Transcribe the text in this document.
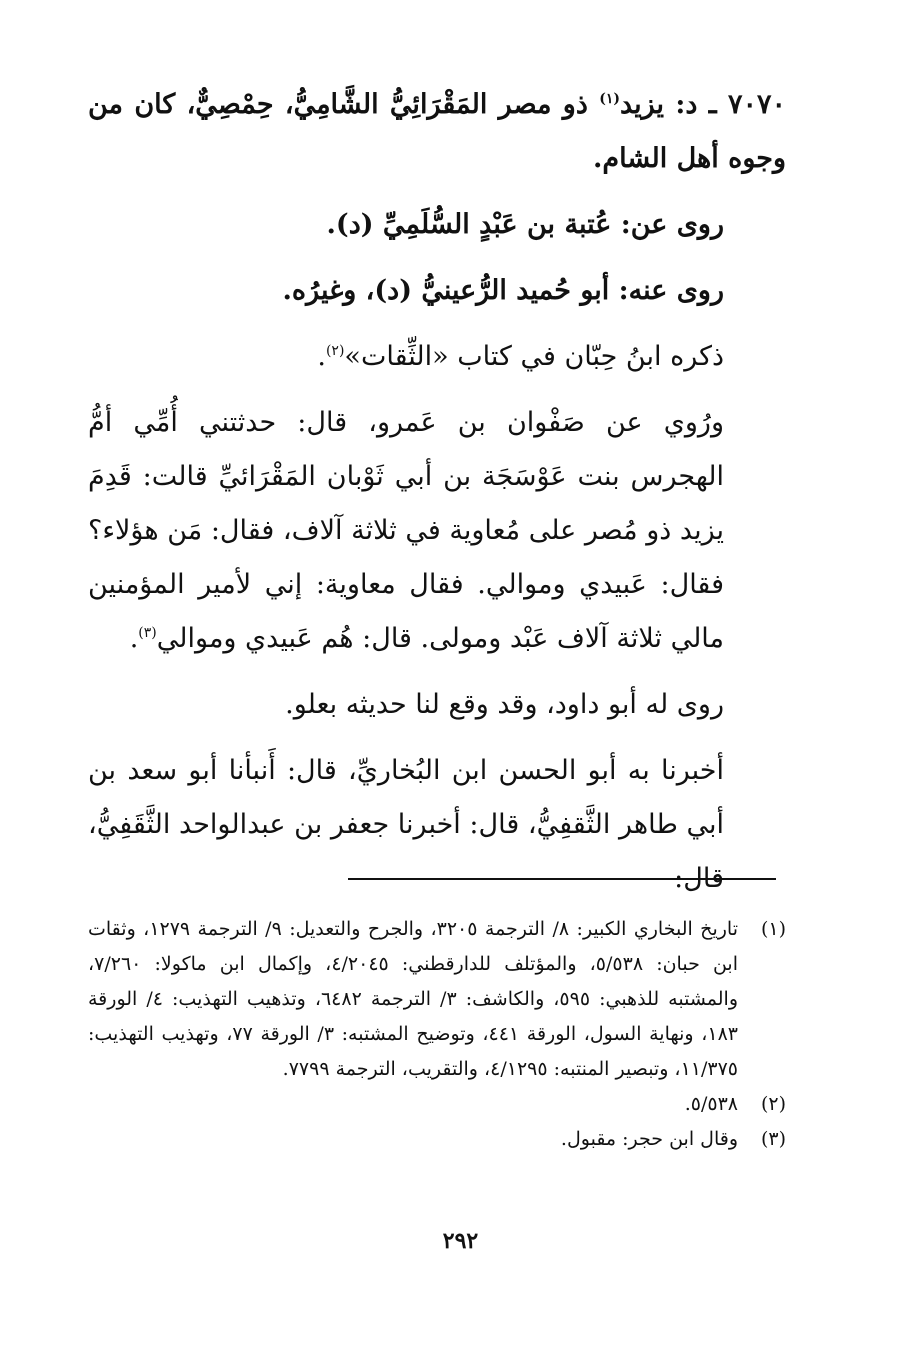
٧٠٧٠ ـ د: يزيد$^{(١)}$ ذو مصر المَقْرَائِيُّ الشَّامِيُّ، حِمْصِيٌّ، كان من وجوه أهل الشام.

روى عن: عُتبة بن عَبْدٍ السُّلَمِيِّ (د).

روى عنه: أبو حُميد الرُّعينيُّ (د)، وغيرُه.

ذكره ابنُ حِبّان في كتاب «الثِّقات»$^{(٢)}$.

ورُوي عن صَفْوان بن عَمرو، قال: حدثتني أُمِّي أمُّ الهجرس بنت عَوْسَجَة بن أبي ثَوْبان المَقْرَائيِّ قالت: قَدِمَ يزيد ذو مُصر على مُعاوية في ثلاثة آلاف، فقال: مَن هؤلاء؟ فقال: عَبيدي وموالي. فقال معاوية: إني لأمير المؤمنين مالي ثلاثة آلاف عَبْد ومولى. قال: هُم عَبيدي وموالي$^{(٣)}$.

روى له أبو داود، وقد وقع لنا حديثه بعلو.

أخبرنا به أبو الحسن ابن البُخاريِّ، قال: أَنبأنا أبو سعد بن أبي طاهر الثَّقفِيُّ، قال: أخبرنا جعفر بن عبدالواحد الثَّقَفِيُّ، قال:

(١)
تاريخ البخاري الكبير: ٨/ الترجمة ٣٢٠٥، والجرح والتعديل: ٩/ الترجمة ١٢٧٩، وثقات ابن حبان: ٥/٥٣٨، والمؤتلف للدارقطني: ٤/٢٠٤٥، وإكمال ابن ماكولا: ٧/٢٦٠، والمشتبه للذهبي: ٥٩٥، والكاشف: ٣/ الترجمة ٦٤٨٢، وتذهيب التهذيب: ٤/ الورقة ١٨٣، ونهاية السول، الورقة ٤٤١، وتوضيح المشتبه: ٣/ الورقة ٧٧، وتهذيب التهذيب: ١١/٣٧٥، وتبصير المنتبه: ٤/١٢٩٥، والتقريب، الترجمة ٧٧٩٩.
(٢)
٥/٥٣٨.
(٣)
وقال ابن حجر: مقبول.
٢٩٢
